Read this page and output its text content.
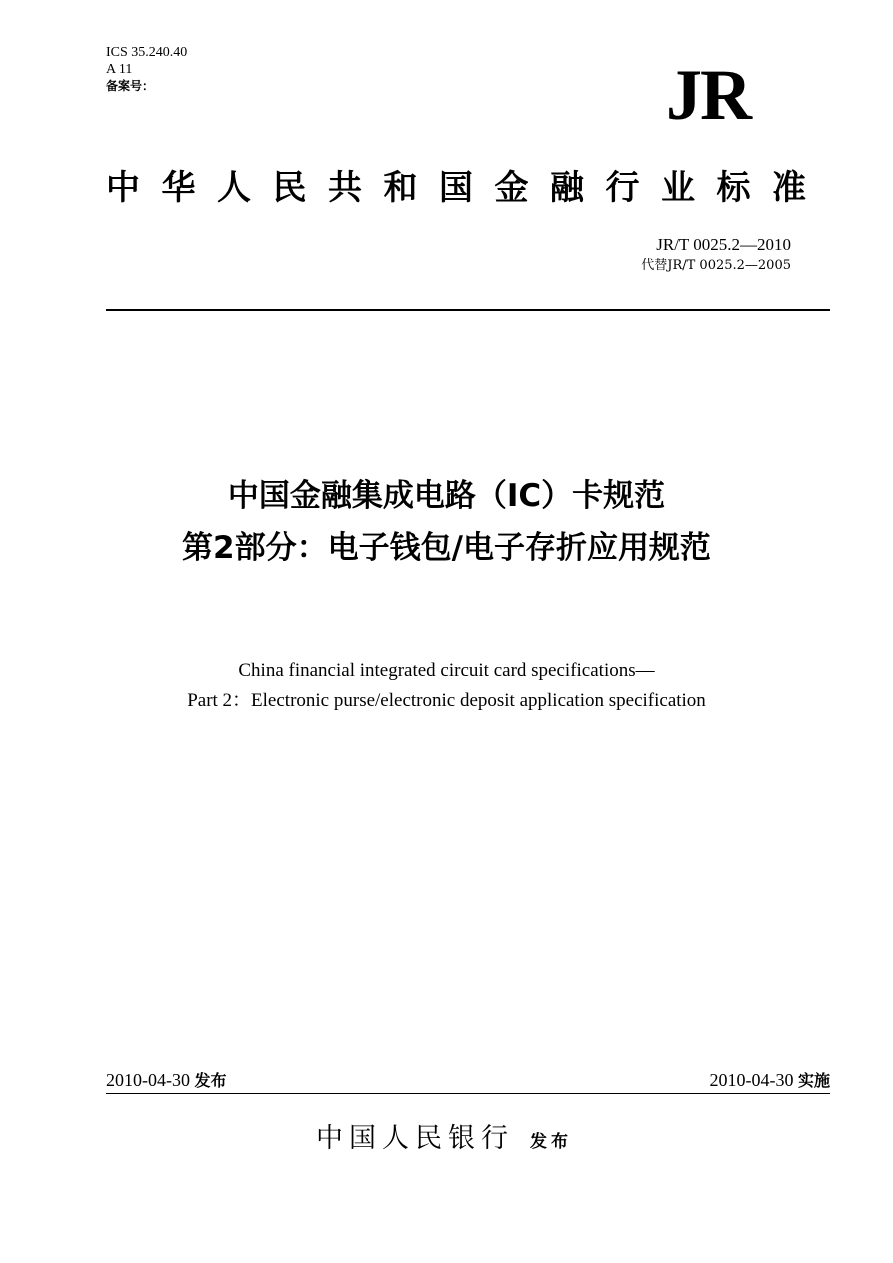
ICS 35.240.40
A 11
备案号：	JR
中华人民共和国金融行业标准
JR/T 0025.2—2010
代替JR/T 0025.2—2005
中国金融集成电路（IC）卡规范
第2部分：电子钱包/电子存折应用规范
China financial integrated circuit card specifications—
Part 2：Electronic purse/electronic deposit application specification
2010-04-30 发布	2010-04-30 实施
中国人民银行 发布
